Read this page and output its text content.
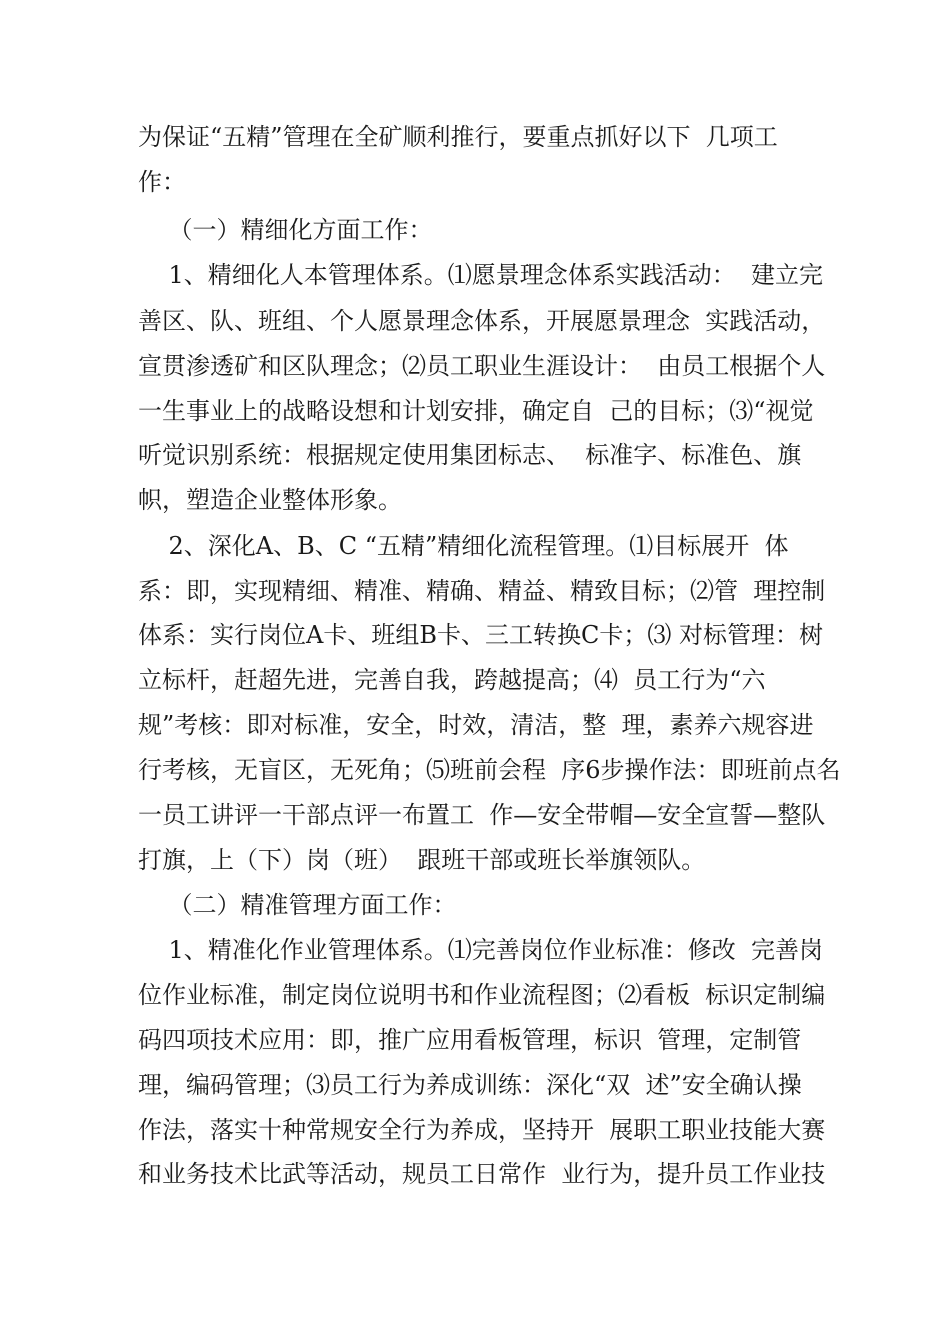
为保证“五精”管理在全矿顺利推行，要重点抓好以下  几项工
作：
（一）精细化方面工作：
1、精细化人本管理体系。⑴愿景理念体系实践活动：  建立完
善区、队、班组、个人愿景理念体系，开展愿景理念  实践活动，
宣贯渗透矿和区队理念；⑵员工职业生涯设计：  由员工根据个人
一生事业上的战略设想和计划安排，确定自  己的目标；⑶“视觉
听觉识别系统：根据规定使用集团标志、  标准字、标准色、旗
帜，塑造企业整体形象。
2、深化A、B、C “五精”精细化流程管理。⑴目标展开  体
系：即，实现精细、精准、精确、精益、精致目标；⑵管  理控制
体系：实行岗位A卡、班组B卡、三工转换C卡；⑶ 对标管理：树
立标杆，赶超先进，完善自我，跨越提高；⑷  员工行为“六
规”考核：即对标准，安全，时效，清洁，整  理，素养六规容进
行考核，无盲区，无死角；⑸班前会程  序6步操作法：即班前点名
一员工讲评一干部点评一布置工  作—安全带帽—安全宣誓—整队
打旗，上（下）岗（班）  跟班干部或班长举旗领队。
（二）精准管理方面工作：
1、精准化作业管理体系。⑴完善岗位作业标准：修改  完善岗
位作业标准，制定岗位说明书和作业流程图；⑵看板  标识定制编
码四项技术应用：即，推广应用看板管理，标识  管理，定制管
理，编码管理；⑶员工行为养成训练：深化“双  述”安全确认操
作法，落实十种常规安全行为养成，坚持开  展职工职业技能大赛
和业务技术比武等活动，规员工日常作  业行为，提升员工作业技
